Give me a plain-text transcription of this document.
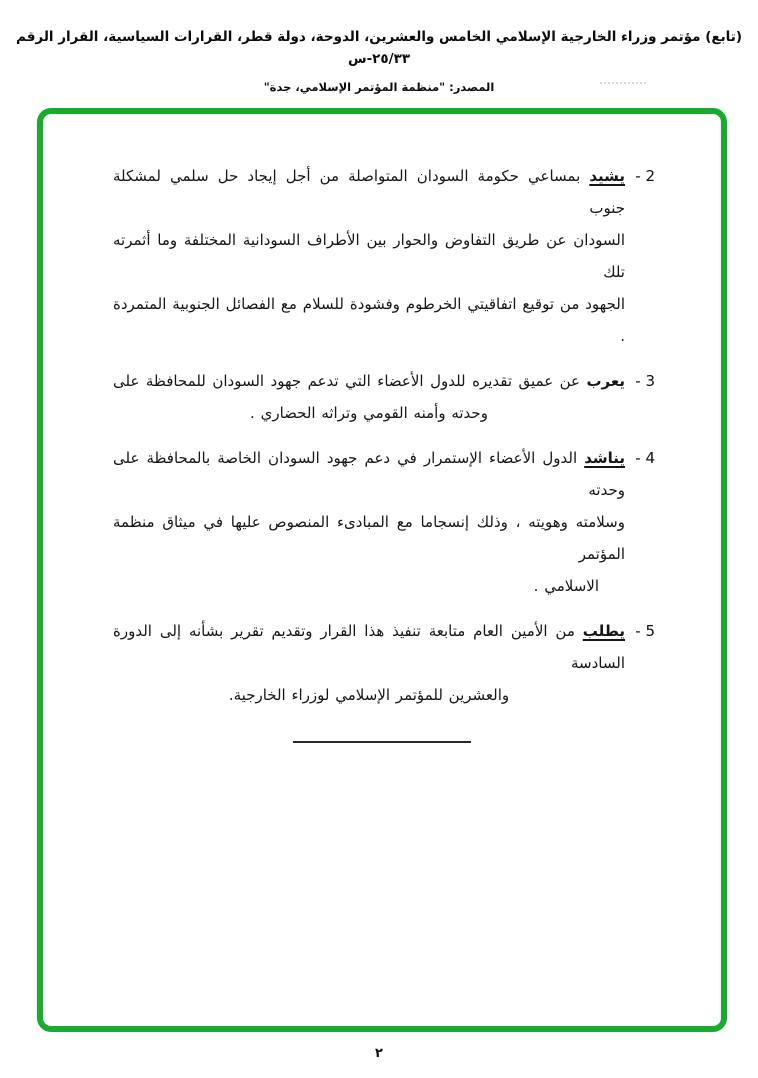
(تابع) مؤتمر وزراء الخارجية الإسلامي الخامس والعشرين، الدوحة، دولة قطر، القرارات السياسية، القرار الرقم ٢٥/٣٣-س
المصدر: "منظمة المؤتمر الإسلامي، جدة"
2 -
يشيد بمساعي حكومة السودان المتواصلة من أجل إيجاد حل سلمي لمشكلة جنوب
السودان عن طريق التفاوض والحوار بين الأطراف السودانية المختلفة وما أثمرته تلك
الجهود من توقيع اتفاقيتي الخرطوم وفشودة للسلام مع الفصائل الجنوبية المتمردة .
3 -
يعرب عن عميق تقديره للدول الأعضاء التي تدعم جهود السودان للمحافظة على
وحدته وأمنه القومي وتراثه الحضاري .
4 -
يناشد الدول الأعضاء الإستمرار في دعم جهود السودان الخاصة بالمحافظة على وحدته
وسلامته وهويته ، وذلك إنسجاما مع المبادىء المنصوص عليها في ميثاق منظمة المؤتمر
الاسلامي .
5 -
يطلب من الأمين العام متابعة تنفيذ هذا القرار وتقديم تقرير بشأنه إلى الدورة السادسة
والعشرين للمؤتمر الإسلامي لوزراء الخارجية.
٢
